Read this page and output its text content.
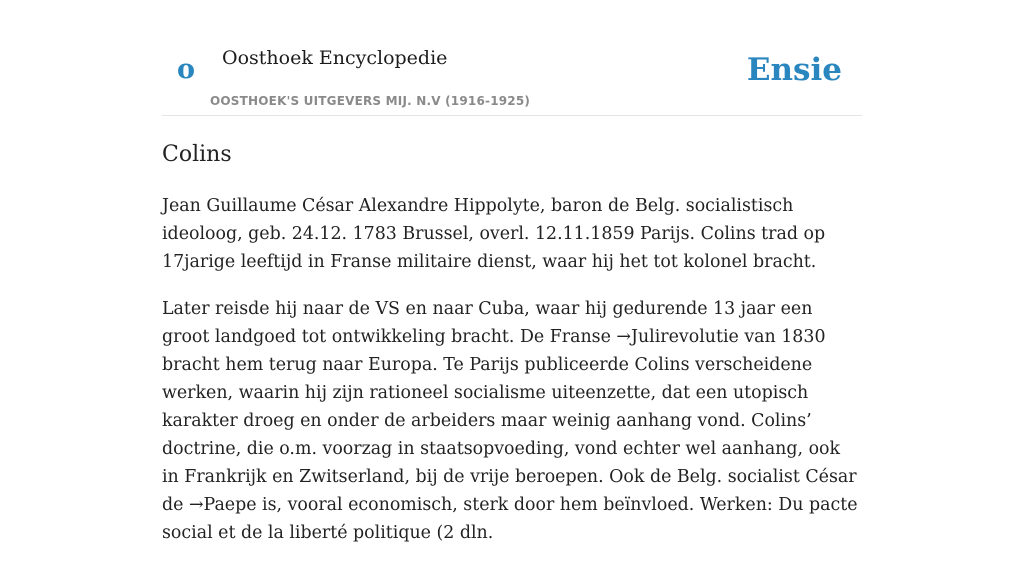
o Oosthoek Encyclopedie
OOSTHOEK'S UITGEVERS MIJ. N.V (1916-1925)
Ensie
Colins

Jean Guillaume César Alexandre Hippolyte, baron de Belg. socialistisch ideoloog, geb. 24.12. 1783 Brussel, overl. 12.11.1859 Parijs. Colins trad op 17jarige leeftijd in Franse militaire dienst, waar hij het tot kolonel bracht.

Later reisde hij naar de VS en naar Cuba, waar hij gedurende 13 jaar een groot landgoed tot ontwikkeling bracht. De Franse →Julirevolutie van 1830 bracht hem terug naar Europa. Te Parijs publiceerde Colins verscheidene werken, waarin hij zijn rationeel socialisme uiteenzette, dat een utopisch karakter droeg en onder de arbeiders maar weinig aanhang vond. Colins’ doctrine, die o.m. voorzag in staatsopvoeding, vond echter wel aanhang, ook in Frankrijk en Zwitserland, bij de vrije beroepen. Ook de Belg. socialist César de →Paepe is, vooral economisch, sterk door hem beïnvloed. Werken: Du pacte social et de la liberté politique (2 dln.
